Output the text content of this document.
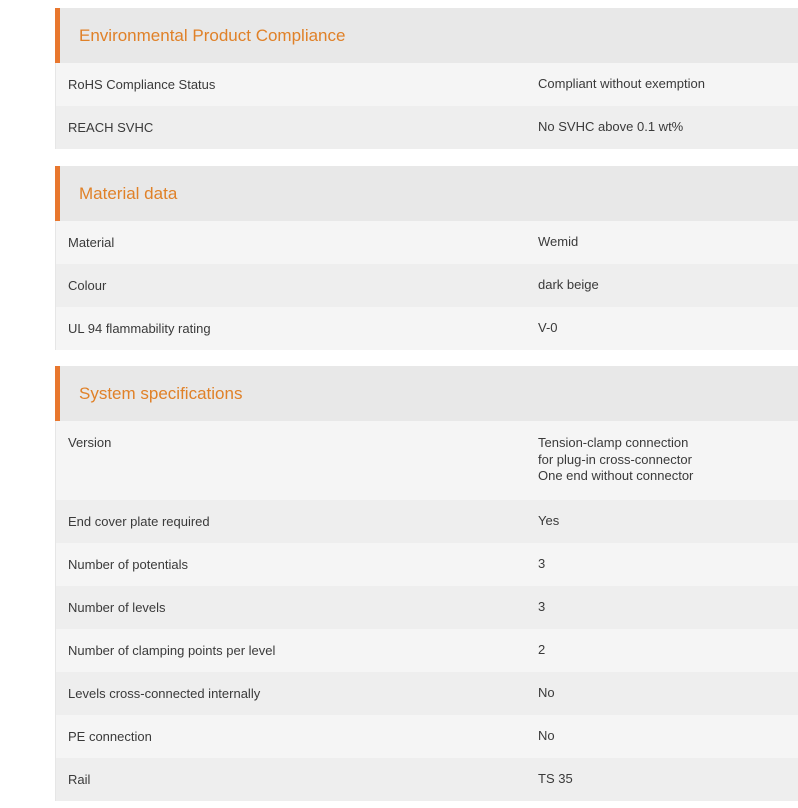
Environmental Product Compliance
RoHS Compliance Status	Compliant without exemption
REACH SVHC	No SVHC above 0.1 wt%
Material data
Material	Wemid
Colour	dark beige
UL 94 flammability rating	V-0
System specifications
Version	Tension-clamp connection
for plug-in cross-connector
One end without connector
End cover plate required	Yes
Number of potentials	3
Number of levels	3
Number of clamping points per level	2
Levels cross-connected internally	No
PE connection	No
Rail	TS 35
